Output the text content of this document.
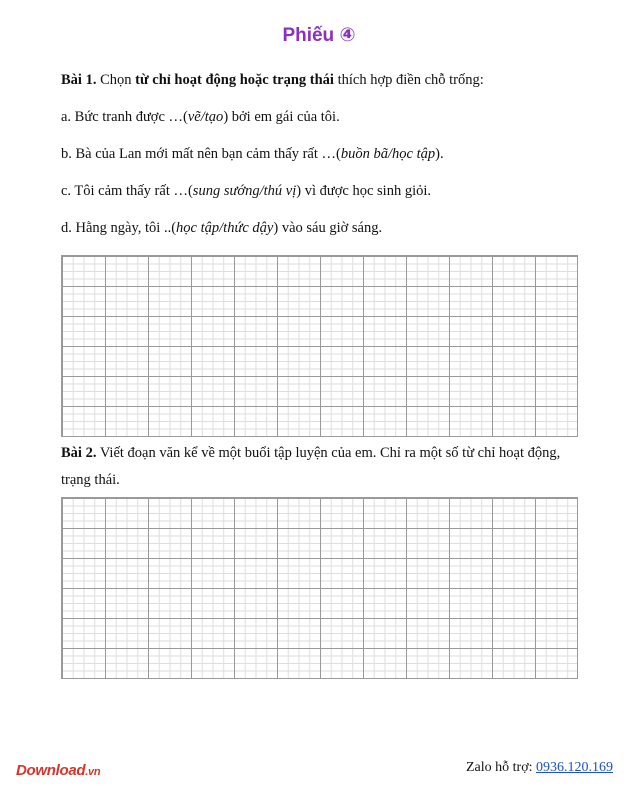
Phiếu ④
Bài 1. Chọn từ chỉ hoạt động hoặc trạng thái thích hợp điền chỗ trống:
a. Bức tranh được …(vẽ/tạo) bởi em gái của tôi.
b. Bà của Lan mới mất nên bạn cảm thấy rất …(buồn bã/học tập).
c. Tôi cảm thấy rất …(sung sướng/thú vị) vì được học sinh giỏi.
d. Hằng ngày, tôi ..(học tập/thức dậy) vào sáu giờ sáng.
Bài 2. Viết đoạn văn kể về một buổi tập luyện của em. Chỉ ra một số từ chỉ hoạt động, trạng thái.
Download.vn	Zalo hỗ trợ: 0936.120.169
